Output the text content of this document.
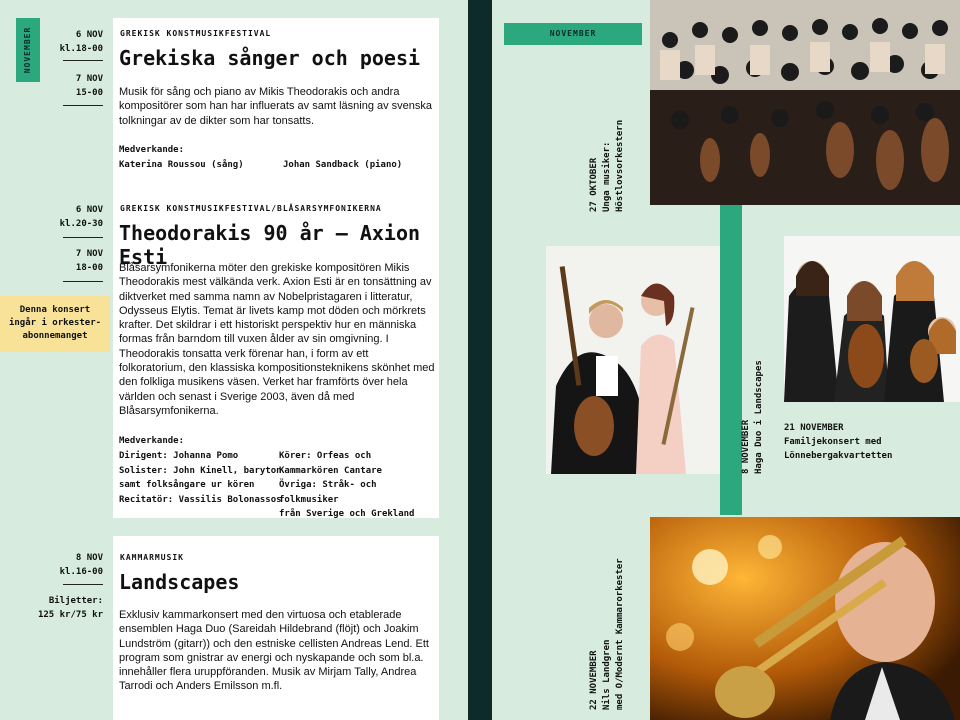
NOVEMBER	6 NOV
kl.18-00
7 NOV
15-00
GREKISK KONSTMUSIKFESTIVAL
Grekiska sånger och poesi
Musik för sång och piano av Mikis Theodorakis och andra kompositörer som han har influerats av samt läsning av svenska tolkningar av de dikter som har tonsatts.
Medverkande:
Katerina Roussou (sång)	Johan Sandback (piano)
GREKISK KONSTMUSIKFESTIVAL/BLÅSARSYMFONIKERNA
Theodorakis 90 år – Axion Esti
Blåsarsymfonikerna möter den grekiske kompositören Mikis Theodorakis mest välkända verk. Axion Esti är en tonsättning av diktverket med samma namn av Nobelpristagaren i litteratur, Odysseus Elytis. Temat är livets kamp mot döden och mörkrets krafter. Det skildrar i ett historiskt perspektiv hur en människa formas från barndom till vuxen ålder av sin omgivning. I Theodorakis tonsatta verk förenar han, i form av ett folkoratorium, den klassiska kompositionsteknikens skönhet med den folkliga musikens väsen. Verket har framförts över hela världen och senast i Sverige 2003, även då med Blåsarsymfonikerna.
Medverkande:
Dirigent: Johanna Pomo
Solister: John Kinell, baryton
samt folksångare ur kören
Recitatör: Vassilis Bolonassos
Körer: Orfeas och
Kammarkören Cantare
Övriga: Stråk- och folkmusiker
från Sverige och Grekland
6 NOV
kl.20-30
7 NOV
18-00
Denna konsert
ingår i orkester-
abonnemanget
8 NOV
kl.16-00
Biljetter:
125 kr/75 kr
KAMMARMUSIK
Landscapes
Exklusiv kammarkonsert med den virtuosa och etablerade ensemblen Haga Duo (Sareidah Hildebrand (flöjt) och Joakim Lundström (gitarr)) och den estniske cellisten Andreas Lend. Ett program som gnistrar av energi och nyskapande och som bl.a. innehåller flera uruppföranden. Musik av Mirjam Tally, Andrea Tarrodi och Anders Emilsson m.fl.
NOVEMBER
27 OKTOBER Unga musiker: Höstlovsorkestern
8 NOVEMBER Haga Duo i Landscapes 21 NOVEMBER
Familjekonsert med
Lönnebergakvartetten
22 NOVEMBER Nils Landgren med O/Modernt Kammarorkester
